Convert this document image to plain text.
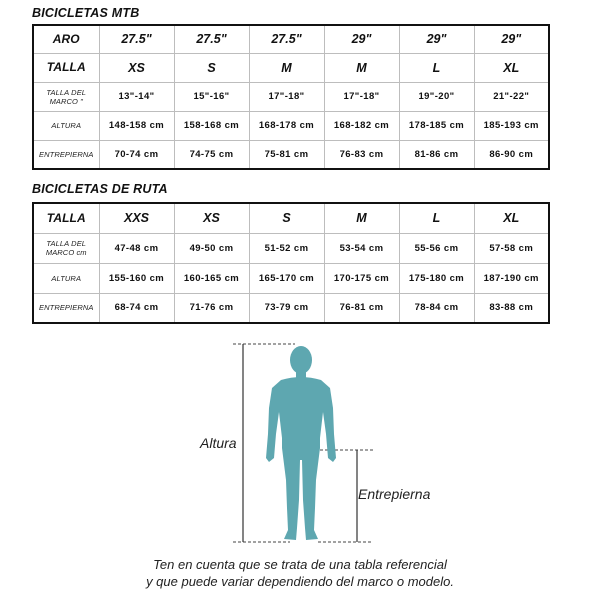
BICICLETAS MTB
ARO	27.5"	27.5"	27.5"	29"	29"	29"
TALLA	XS	S	M	M	L	XL
TALLA DEL MARCO "	13"-14"	15"-16"	17"-18"	17"-18"	19"-20"	21"-22"
ALTURA	148-158 cm	158-168 cm	168-178 cm	168-182 cm	178-185 cm	185-193 cm
ENTREPIERNA	70-74 cm	74-75 cm	75-81 cm	76-83 cm	81-86 cm	86-90 cm
BICICLETAS DE RUTA
TALLA	XXS	XS	S	M	L	XL
TALLA DEL MARCO cm	47-48 cm	49-50 cm	51-52 cm	53-54 cm	55-56 cm	57-58 cm
ALTURA	155-160 cm	160-165 cm	165-170 cm	170-175 cm	175-180 cm	187-190 cm
ENTREPIERNA	68-74 cm	71-76 cm	73-79 cm	76-81 cm	78-84 cm	83-88 cm
Altura
Entrepierna
Ten en cuenta que se trata de una tabla referencial
y que puede variar dependiendo del marco o modelo.
